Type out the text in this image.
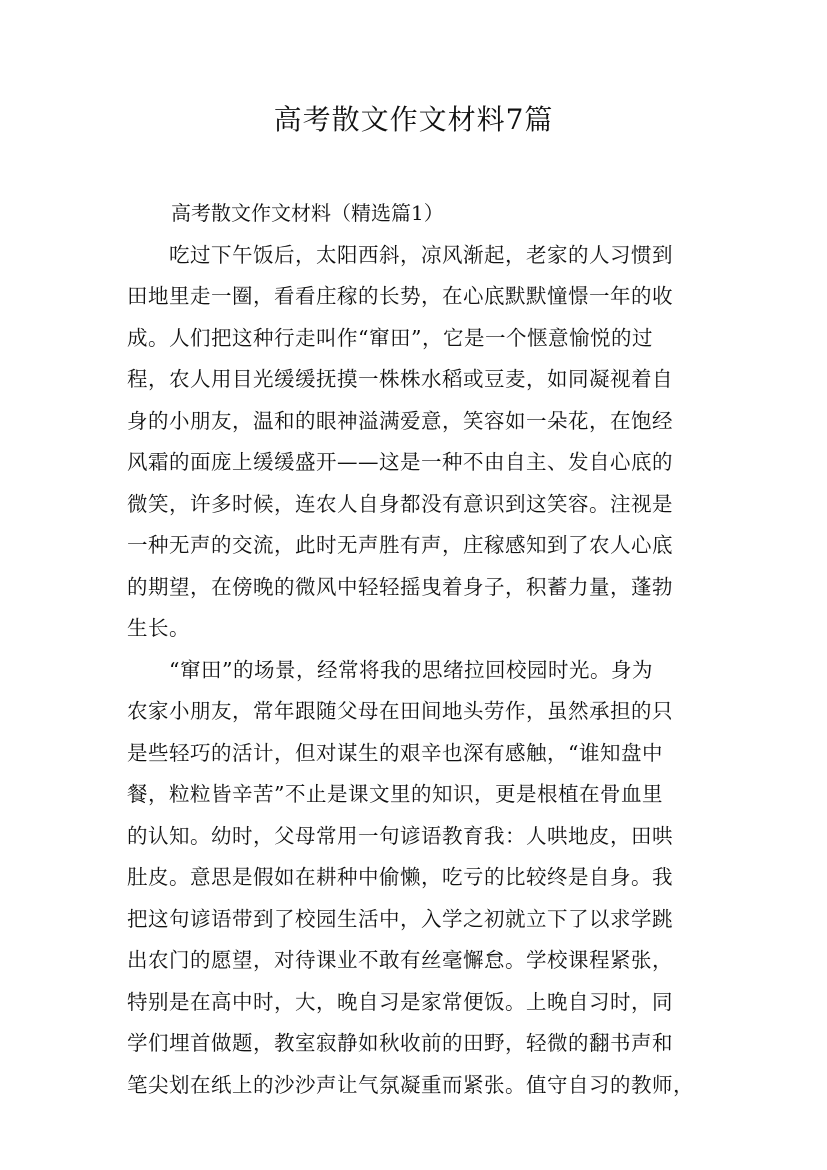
高考散文作文材料7篇

高考散文作文材料（精选篇1）

吃过下午饭后，太阳西斜，凉风渐起，老家的人习惯到
田地里走一圈，看看庄稼的长势，在心底默默憧憬一年的收
成。人们把这种行走叫作“窜田”，它是一个惬意愉悦的过
程，农人用目光缓缓抚摸一株株水稻或豆麦，如同凝视着自
身的小朋友，温和的眼神溢满爱意，笑容如一朵花，在饱经
风霜的面庞上缓缓盛开——这是一种不由自主、发自心底的
微笑，许多时候，连农人自身都没有意识到这笑容。注视是
一种无声的交流，此时无声胜有声，庄稼感知到了农人心底
的期望，在傍晚的微风中轻轻摇曳着身子，积蓄力量，蓬勃
生长。

“窜田”的场景，经常将我的思绪拉回校园时光。身为
农家小朋友，常年跟随父母在田间地头劳作，虽然承担的只
是些轻巧的活计，但对谋生的艰辛也深有感触，“谁知盘中
餐，粒粒皆辛苦”不止是课文里的知识，更是根植在骨血里
的认知。幼时，父母常用一句谚语教育我：人哄地皮，田哄
肚皮。意思是假如在耕种中偷懒，吃亏的比较终是自身。我
把这句谚语带到了校园生活中，入学之初就立下了以求学跳
出农门的愿望，对待课业不敢有丝毫懈怠。学校课程紧张，
特别是在高中时，大，晚自习是家常便饭。上晚自习时，同
学们埋首做题，教室寂静如秋收前的田野，轻微的翻书声和
笔尖划在纸上的沙沙声让气氛凝重而紧张。值守自习的教师，
